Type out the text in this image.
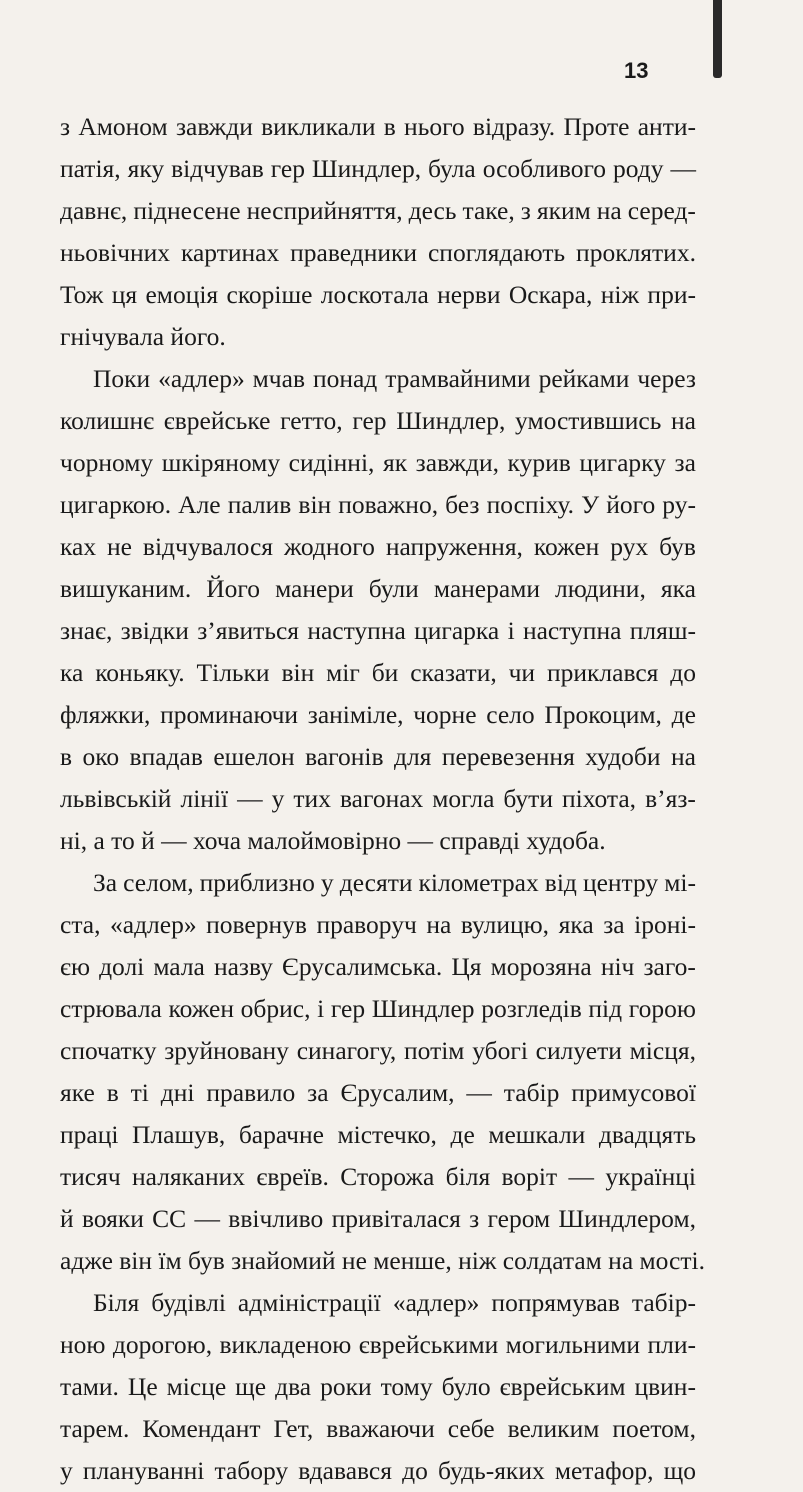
13
з Амоном завжди викликали в нього відразу. Проте анти-
патія, яку відчував гер Шиндлер, була особливого роду —
давнє, піднесене несприйняття, десь таке, з яким на серед-
ньовічних картинах праведники споглядають проклятих.
Тож ця емоція скоріше лоскотала нерви Оскара, ніж при-
гнічувала його.
Поки «адлер» мчав понад трамвайними рейками через
колишнє єврейське гетто, гер Шиндлер, умостившись на
чорному шкіряному сидінні, як завжди, курив цигарку за
цигаркою. Але палив він поважно, без поспіху. У його ру-
ках не відчувалося жодного напруження, кожен рух був
вишуканим. Його манери були манерами людини, яка
знає, звідки з’явиться наступна цигарка і наступна пляш-
ка коньяку. Тільки він міг би сказати, чи приклався до
фляжки, проминаючи заніміле, чорне село Прокоцим, де
в око впадав ешелон вагонів для перевезення худоби на
львівській лінії — у тих вагонах могла бути піхота, в’яз-
ні, а то й — хоча малоймовірно — справді худоба.
За селом, приблизно у десяти кілометрах від центру мі-
ста, «адлер» повернув праворуч на вулицю, яка за іроні-
єю долі мала назву Єрусалимська. Ця морозяна ніч заго-
стрювала кожен обрис, і гер Шиндлер розгледів під горою
спочатку зруйновану синагогу, потім убогі силуети місця,
яке в ті дні правило за Єрусалим, — табір примусової
праці Плашув, барачне містечко, де мешкали двадцять
тисяч наляканих євреїв. Сторожа біля воріт — українці
й вояки СС — ввічливо привіталася з гером Шиндлером,
адже він їм був знайомий не менше, ніж солдатам на мості.
Біля будівлі адміністрації «адлер» попрямував табір-
ною дорогою, викладеною єврейськими могильними пли-
тами. Це місце ще два роки тому було єврейським цвин-
тарем. Комендант Гет, вважаючи себе великим поетом,
у плануванні табору вдавався до будь-яких метафор, що
